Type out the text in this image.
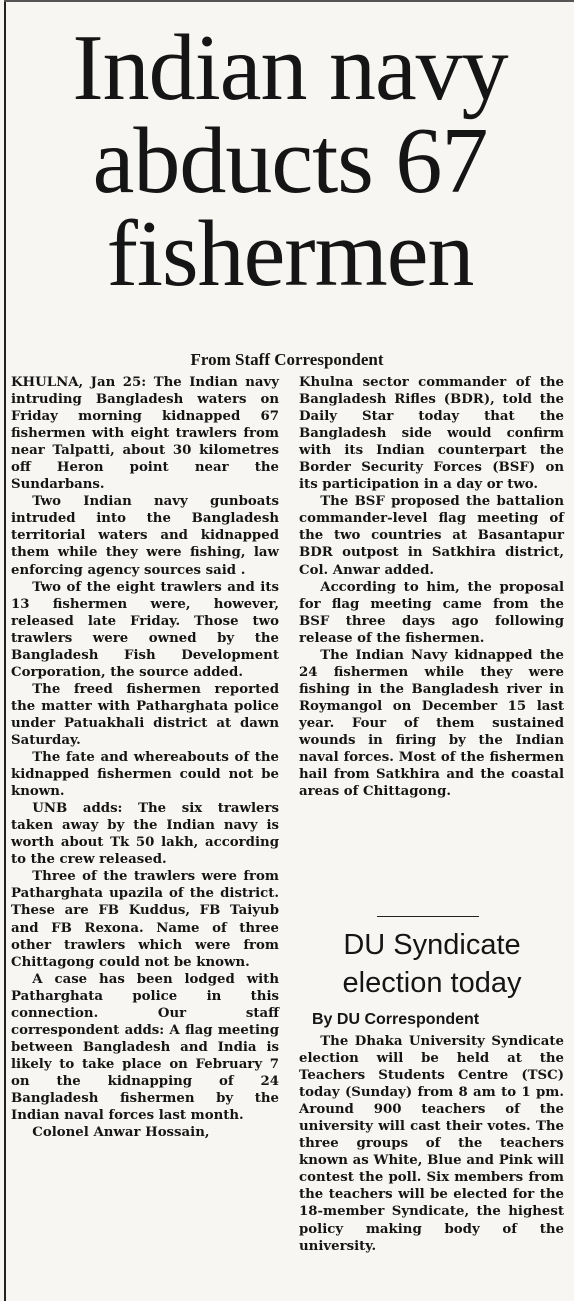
Indian navy abducts 67 fishermen
From Staff Correspondent

KHULNA, Jan 25: The Indian navy intruding Bangladesh waters on Friday morning kidnapped 67 fishermen with eight trawlers from near Talpatti, about 30 kilometres off Heron point near the Sundarbans.

Two Indian navy gunboats intruded into the Bangladesh territorial waters and kidnapped them while they were fishing, law enforcing agency sources said .

Two of the eight trawlers and its 13 fishermen were, however, released late Friday. Those two trawlers were owned by the Bangladesh Fish Development Corporation, the source added.

The freed fishermen reported the matter with Patharghata police under Patuakhali district at dawn Saturday.

The fate and whereabouts of the kidnapped fishermen could not be known.

UNB adds: The six trawlers taken away by the Indian navy is worth about Tk 50 lakh, according to the crew released.

Three of the trawlers were from Patharghata upazila of the district. These are FB Kuddus, FB Taiyub and FB Rexona. Name of three other trawlers which were from Chittagong could not be known.

A case has been lodged with Patharghata police in this connection. Our staff correspondent adds: A flag meeting between Bangladesh and India is likely to take place on February 7 on the kidnapping of 24 Bangladesh fishermen by the Indian naval forces last month.

Colonel Anwar Hossain,

Khulna sector commander of the Bangladesh Rifles (BDR), told the Daily Star today that the Bangladesh side would confirm with its Indian counterpart the Border Security Forces (BSF) on its participation in a day or two.

The BSF proposed the battalion commander-level flag meeting of the two countries at Basantapur BDR outpost in Satkhira district, Col. Anwar added.

According to him, the proposal for flag meeting came from the BSF three days ago following release of the fishermen.

The Indian Navy kidnapped the 24 fishermen while they were fishing in the Bangladesh river in Roymangol on December 15 last year. Four of them sustained wounds in firing by the Indian naval forces. Most of the fishermen hail from Satkhira and the coastal areas of Chittagong.

DU Syndicate election today
By DU Correspondent

The Dhaka University Syndicate election will be held at the Teachers Students Centre (TSC) today (Sunday) from 8 am to 1 pm. Around 900 teachers of the university will cast their votes. The three groups of the teachers known as White, Blue and Pink will contest the poll. Six members from the teachers will be elected for the 18-member Syndicate, the highest policy making body of the university.
